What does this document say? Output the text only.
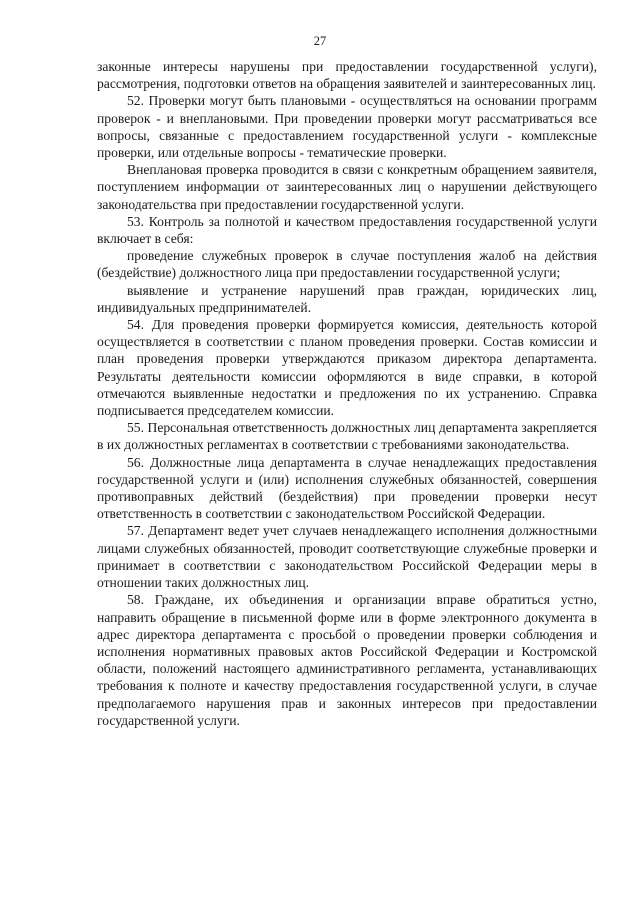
27

законные интересы нарушены при предоставлении государственной услуги), рассмотрения, подготовки ответов на обращения заявителей и заинтересованных лиц.

52. Проверки могут быть плановыми - осуществляться на основании программ проверок - и внеплановыми. При проведении проверки могут рассматриваться все вопросы, связанные с предоставлением государственной услуги - комплексные проверки, или отдельные вопросы - тематические проверки.

Внеплановая проверка проводится в связи с конкретным обращением заявителя, поступлением информации от заинтересованных лиц о нарушении действующего законодательства при предоставлении государственной услуги.

53. Контроль за полнотой и качеством предоставления государственной услуги включает в себя:

проведение служебных проверок в случае поступления жалоб на действия (бездействие) должностного лица при предоставлении государственной услуги;

выявление и устранение нарушений прав граждан, юридических лиц, индивидуальных предпринимателей.

54. Для проведения проверки формируется комиссия, деятельность которой осуществляется в соответствии с планом проведения проверки. Состав комиссии и план проведения проверки утверждаются приказом директора департамента. Результаты деятельности комиссии оформляются в виде справки, в которой отмечаются выявленные недостатки и предложения по их устранению. Справка подписывается председателем комиссии.

55. Персональная ответственность должностных лиц департамента закрепляется в их должностных регламентах в соответствии с требованиями законодательства.

56. Должностные лица департамента в случае ненадлежащих предоставления государственной услуги и (или) исполнения служебных обязанностей, совершения противоправных действий (бездействия) при проведении проверки несут ответственность в соответствии с законодательством Российской Федерации.

57. Департамент ведет учет случаев ненадлежащего исполнения должностными лицами служебных обязанностей, проводит соответствующие служебные проверки и принимает в соответствии с законодательством Российской Федерации меры в отношении таких должностных лиц.

58. Граждане, их объединения и организации вправе обратиться устно, направить обращение в письменной форме или в форме электронного документа в адрес директора департамента с просьбой о проведении проверки соблюдения и исполнения нормативных правовых актов Российской Федерации и Костромской области, положений настоящего административного регламента, устанавливающих требования к полноте и качеству предоставления государственной услуги, в случае предполагаемого нарушения прав и законных интересов при предоставлении государственной услуги.
